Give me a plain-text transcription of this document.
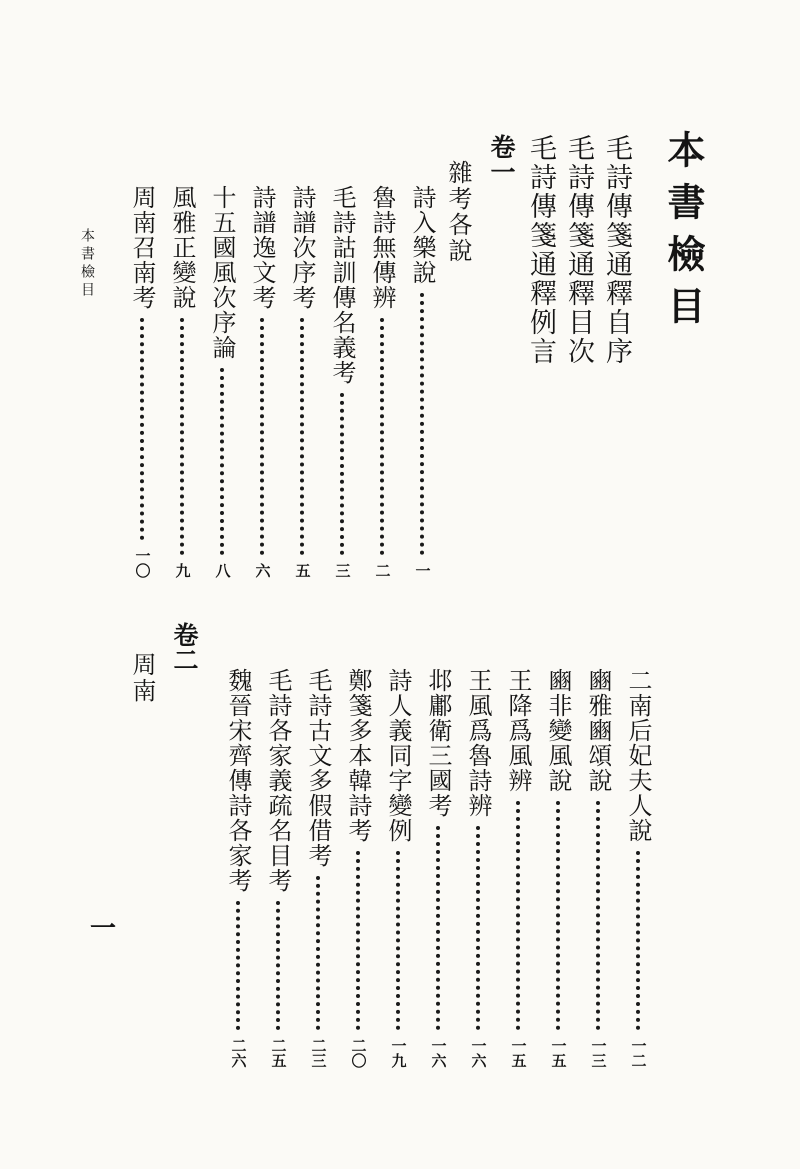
本書檢目
毛詩傳箋通釋自序
毛詩傳箋通釋目次
毛詩傳箋通釋例言
卷一
雜考各說
詩入樂說
一
魯詩無傳辨
二
毛詩詁訓傳名義考
三
詩譜次序考
五
詩譜逸文考
六
十五國風次序論
八
風雅正變說
九
周南召南考
一〇
本書檢目
二南后妃夫人說
一二
豳雅豳頌說
一三
豳非變風說
一五
王降爲風辨
一五
王風爲魯詩辨
一六
邶鄘衛三國考
一六
詩人義同字變例
一九
鄭箋多本韓詩考
二〇
毛詩古文多假借考
二三
毛詩各家義疏名目考
二五
魏晉宋齊傳詩各家考
二六
卷二
周南
一
